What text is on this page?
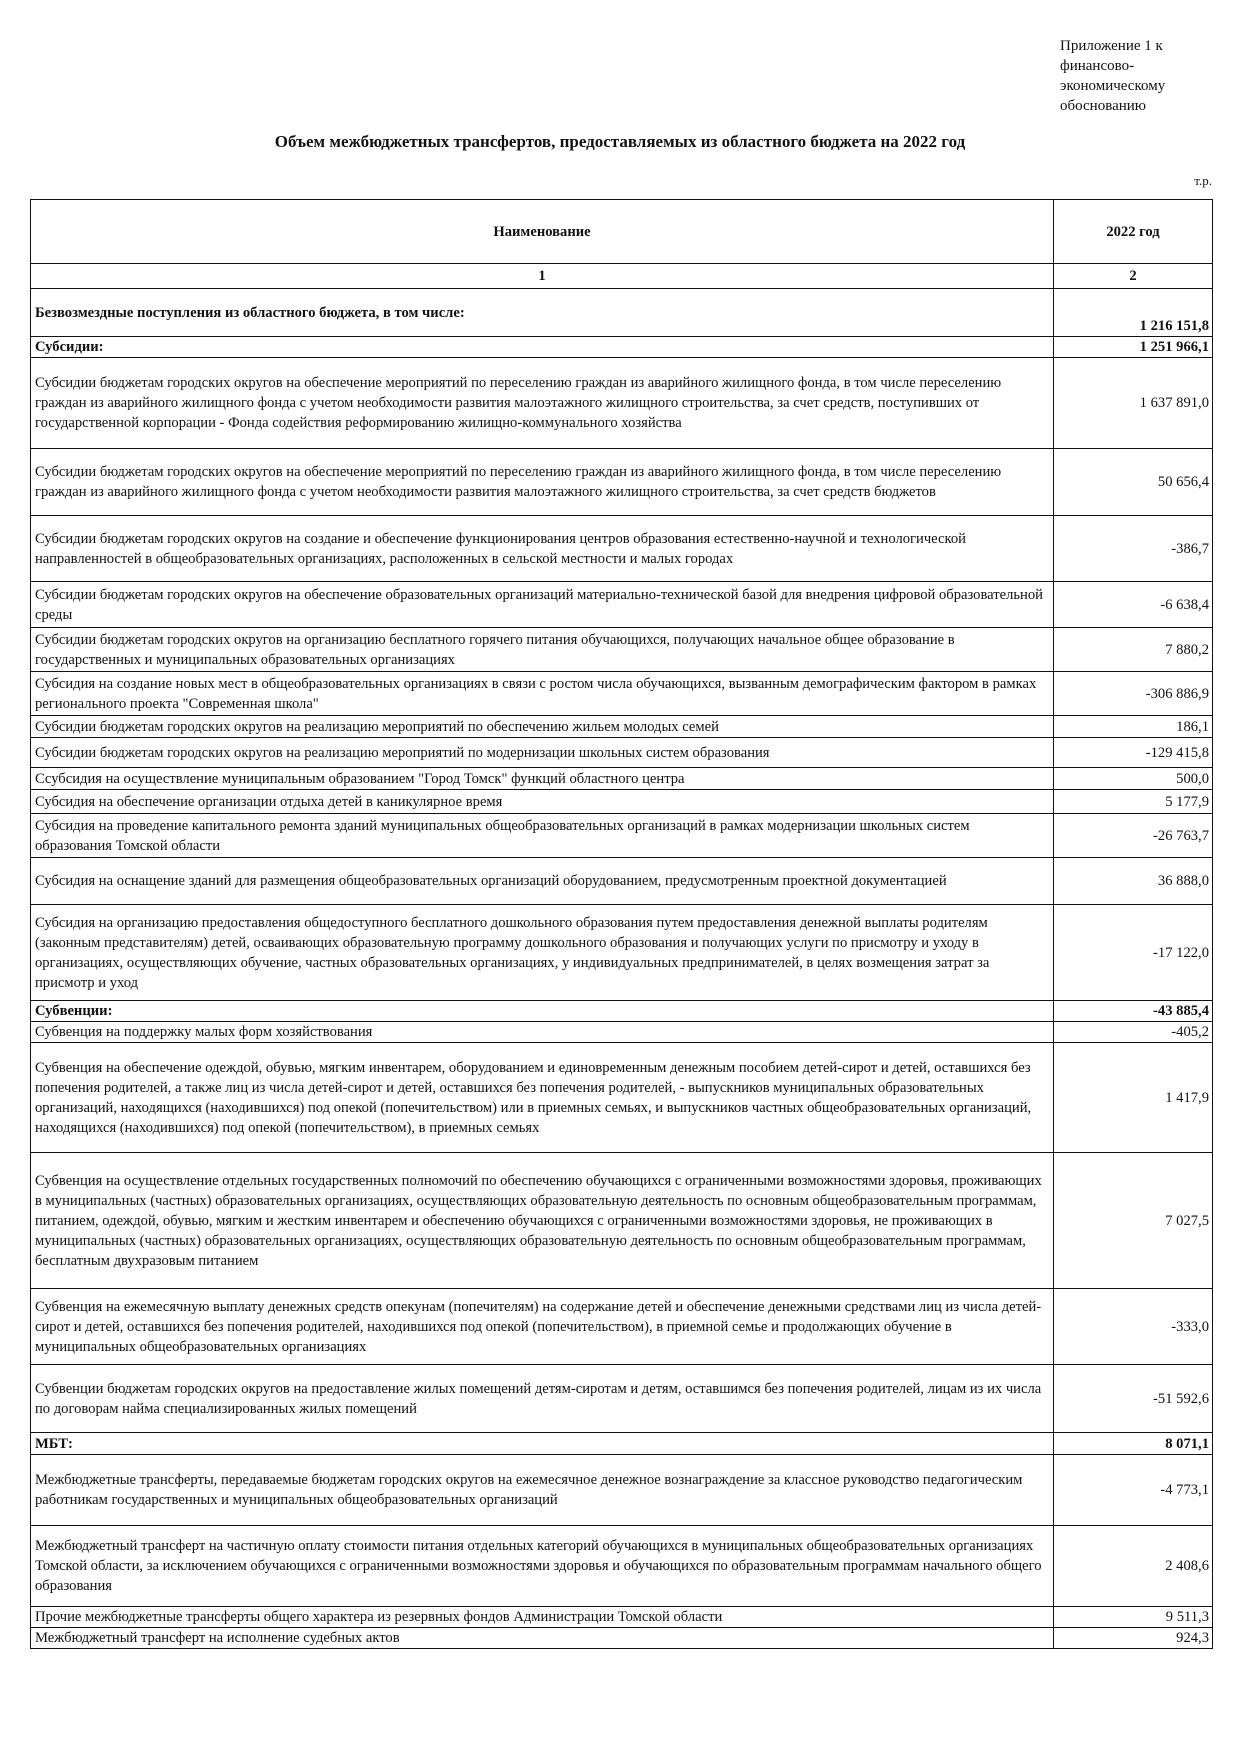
Приложение 1 к
финансово-
экономическому
обоснованию
Объем межбюджетных трансфертов, предоставляемых из областного бюджета на 2022 год
т.р.
Наименование	2022 год
1	2
Безвозмездные поступления из областного бюджета, в том числе:	1 216 151,8
Субсидии:	1 251 966,1
Субсидии бюджетам городских округов на обеспечение мероприятий по переселению граждан из аварийного жилищного фонда, в том числе переселению граждан из аварийного жилищного фонда с учетом необходимости развития малоэтажного жилищного строительства, за счет средств, поступивших от государственной корпорации - Фонда содействия реформированию жилищно-коммунального хозяйства	1 637 891,0
Субсидии бюджетам городских округов на обеспечение мероприятий по переселению граждан из аварийного жилищного фонда, в том числе переселению граждан из аварийного жилищного фонда с учетом необходимости развития малоэтажного жилищного строительства, за счет средств бюджетов	50 656,4
Субсидии бюджетам городских округов на создание и обеспечение функционирования центров образования естественно-научной и технологической направленностей в общеобразовательных организациях, расположенных в сельской местности и малых городах	-386,7
Субсидии бюджетам городских округов на обеспечение образовательных организаций материально-технической базой для внедрения цифровой образовательной среды	-6 638,4
Субсидии бюджетам городских округов на организацию бесплатного горячего питания обучающихся, получающих начальное общее образование в государственных и муниципальных образовательных организациях	7 880,2
Субсидия на создание новых мест в общеобразовательных организациях в связи с ростом числа обучающихся, вызванным демографическим фактором в рамках регионального проекта "Современная школа"	-306 886,9
Субсидии бюджетам городских округов на реализацию мероприятий по обеспечению жильем молодых семей	186,1
Субсидии бюджетам городских округов на реализацию мероприятий по модернизации школьных систем образования	-129 415,8
Ссубсидия на осуществление муниципальным образованием "Город Томск" функций областного центра	500,0
Субсидия на обеспечение организации отдыха детей в каникулярное время	5 177,9
Субсидия на проведение капитального ремонта зданий муниципальных общеобразовательных организаций в рамках модернизации школьных систем образования Томской области	-26 763,7
Субсидия на оснащение зданий для размещения общеобразовательных организаций оборудованием, предусмотренным проектной документацией	36 888,0
Субсидия на организацию предоставления общедоступного бесплатного дошкольного образования путем предоставления денежной выплаты родителям (законным представителям) детей, осваивающих образовательную программу дошкольного образования и получающих услуги по присмотру и уходу в организациях, осуществляющих обучение, частных образовательных организациях, у индивидуальных предпринимателей, в целях возмещения затрат за присмотр и уход	-17 122,0
Субвенции:	-43 885,4
Субвенция на поддержку малых форм хозяйствования	-405,2
Субвенция на обеспечение одеждой, обувью, мягким инвентарем, оборудованием и единовременным денежным пособием детей-сирот и детей, оставшихся без попечения родителей, а также лиц из числа детей-сирот и детей, оставшихся без попечения родителей, - выпускников муниципальных образовательных организаций, находящихся (находившихся) под опекой (попечительством) или в приемных семьях, и выпускников частных общеобразовательных организаций, находящихся (находившихся) под опекой (попечительством), в приемных семьях	1 417,9
Субвенция на осуществление отдельных государственных полномочий по обеспечению обучающихся с ограниченными возможностями здоровья, проживающих в муниципальных (частных) образовательных организациях, осуществляющих образовательную деятельность по основным общеобразовательным программам, питанием, одеждой, обувью, мягким и жестким инвентарем и обеспечению обучающихся с ограниченными возможностями здоровья, не проживающих в муниципальных (частных) образовательных организациях, осуществляющих образовательную деятельность по основным общеобразовательным программам, бесплатным двухразовым питанием	7 027,5
Субвенция на ежемесячную выплату денежных средств опекунам (попечителям) на содержание детей и обеспечение денежными средствами лиц из числа детей-сирот и детей, оставшихся без попечения родителей, находившихся под опекой (попечительством), в приемной семье и продолжающих обучение в муниципальных общеобразовательных организациях	-333,0
Субвенции бюджетам городских округов на предоставление жилых помещений детям-сиротам и детям, оставшимся без попечения родителей, лицам из их числа по договорам найма специализированных жилых помещений	-51 592,6
МБТ:	8 071,1
Межбюджетные трансферты, передаваемые бюджетам городских округов на ежемесячное денежное вознаграждение за классное руководство педагогическим работникам государственных и муниципальных общеобразовательных организаций	-4 773,1
Межбюджетный трансферт на частичную оплату стоимости питания отдельных категорий обучающихся в муниципальных общеобразовательных организациях Томской области, за исключением обучающихся с ограниченными возможностями здоровья и обучающихся по образовательным программам начального общего образования	2 408,6
Прочие межбюджетные трансферты общего характера из резервных фондов Администрации Томской области	9 511,3
Межбюджетный трансферт на исполнение судебных актов	924,3
